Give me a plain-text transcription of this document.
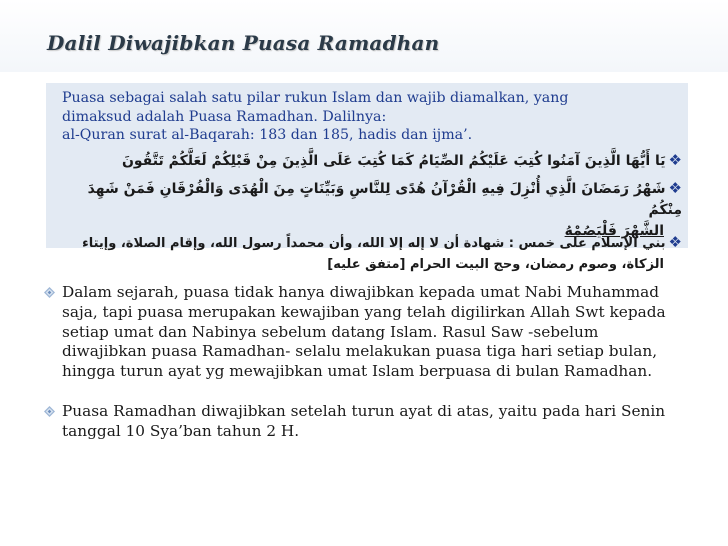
Dalil Diwajibkan Puasa Ramadhan
Puasa sebagai salah satu pilar rukun Islam dan wajib diamalkan, yang
dimaksud adalah Puasa Ramadhan. Dalilnya:
al-Quran surat al-Baqarah: 183 dan 185, hadis dan ijma’.
❖يَا أَيُّهَا الَّذِينَ آمَنُوا كُتِبَ عَلَيْكُمُ الصِّيَامُ كَمَا كُتِبَ عَلَى الَّذِينَ مِنْ قَبْلِكُمْ لَعَلَّكُمْ تَتَّقُونَ
❖شَهْرُ رَمَضَانَ الَّذِي أُنْزِلَ فِيهِ الْقُرْآنُ هُدًى لِلنَّاسِ وَبَيِّنَاتٍ مِنَ الْهُدَى وَالْفُرْقَانِ فَمَنْ شَهِدَ مِنْكُمُ
الشَّهْرَ فَلْيَصُمْهُ
❖بني الإسلام على خمس : شهادة أن لا إله إلا الله، وأن محمداً رسول الله، وإقام الصلاة، وإيتاء
الزكاة، وصوم رمضان، وحج البيت الحرام [متفق عليه]
Dalam sejarah, puasa tidak hanya diwajibkan kepada umat Nabi Muhammad
saja, tapi puasa merupakan kewajiban yang telah digilirkan Allah Swt kepada
setiap umat dan Nabinya sebelum datang Islam. Rasul Saw -sebelum
diwajibkan puasa Ramadhan- selalu melakukan puasa tiga hari setiap bulan,
hingga turun ayat yg mewajibkan umat Islam berpuasa di bulan Ramadhan.
Puasa Ramadhan diwajibkan setelah turun ayat di atas, yaitu pada hari Senin
tanggal 10 Sya’ban tahun 2 H.
